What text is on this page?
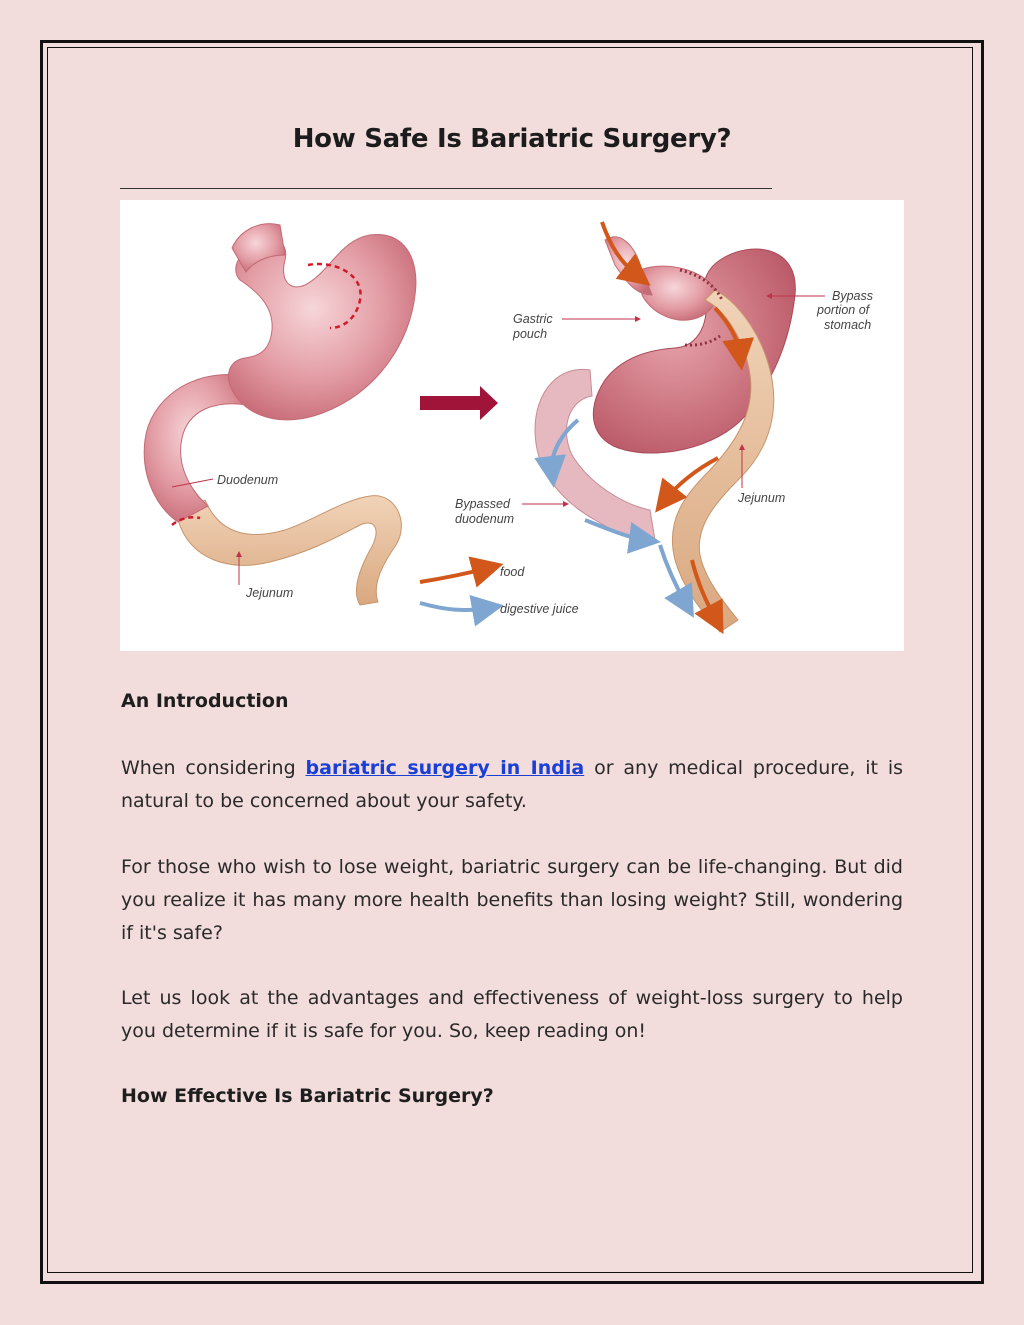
How Safe Is Bariatric Surgery?
Duodenum
Jejunum
Gastric
pouch
Bypass
portion of
stomach
Jejunum
Bypassed
duodenum
food
digestive juice
An Introduction

When considering bariatric surgery in India or any medical procedure, it is natural to be concerned about your safety.

For those who wish to lose weight, bariatric surgery can be life-changing. But did you realize it has many more health benefits than losing weight? Still, wondering if it's safe?

Let us look at the advantages and effectiveness of weight-loss surgery to help you determine if it is safe for you. So, keep reading on!

How Effective Is Bariatric Surgery?
